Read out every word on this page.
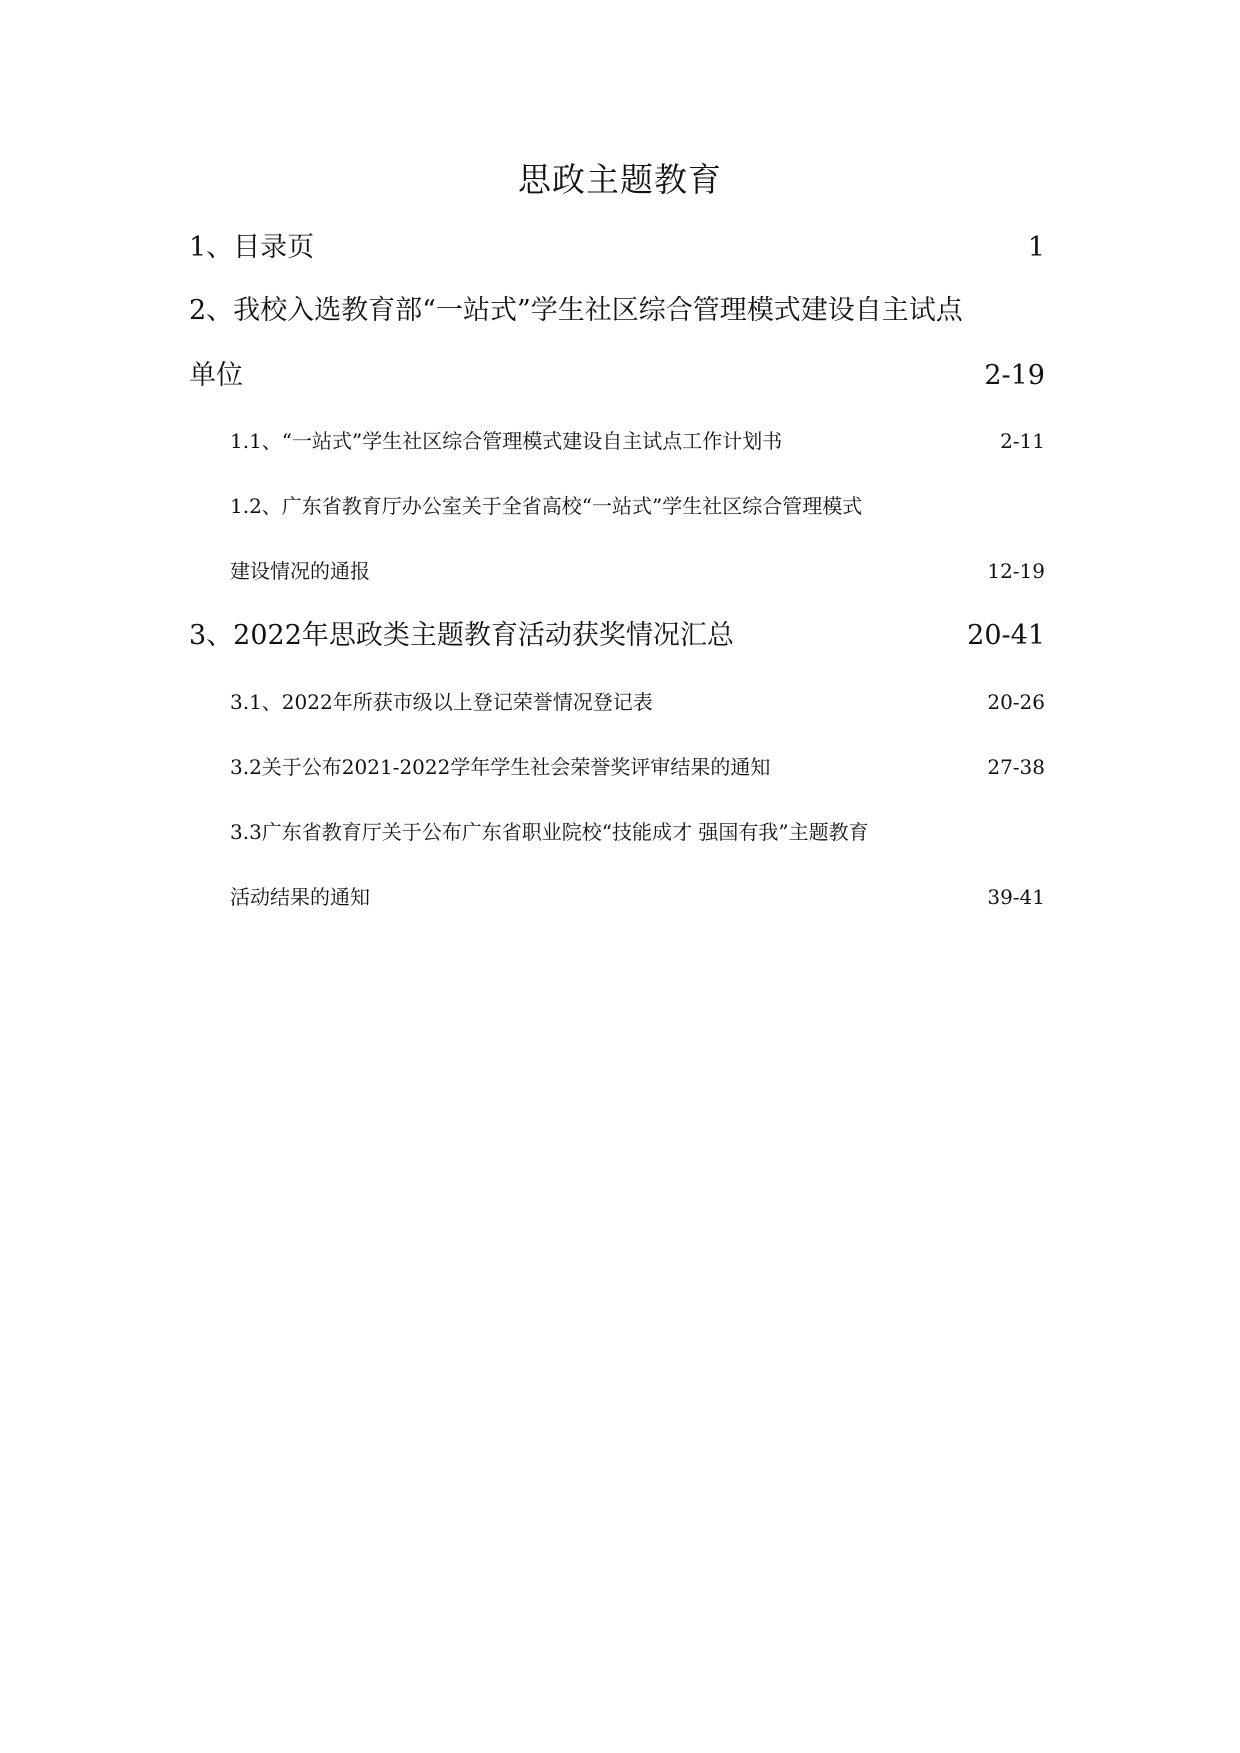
思政主题教育
1、目录页	1
2、我校入选教育部“一站式”学生社区综合管理模式建设自主试点
单位	2-19
1.1、“一站式”学生社区综合管理模式建设自主试点工作计划书	2-11
1.2、广东省教育厅办公室关于全省高校“一站式”学生社区综合管理模式
建设情况的通报	12-19
3、2022年思政类主题教育活动获奖情况汇总	20-41
3.1、2022年所获市级以上登记荣誉情况登记表	20-26
3.2关于公布2021-2022学年学生社会荣誉奖评审结果的通知	27-38
3.3广东省教育厅关于公布广东省职业院校“技能成才 强国有我”主题教育
活动结果的通知	39-41
